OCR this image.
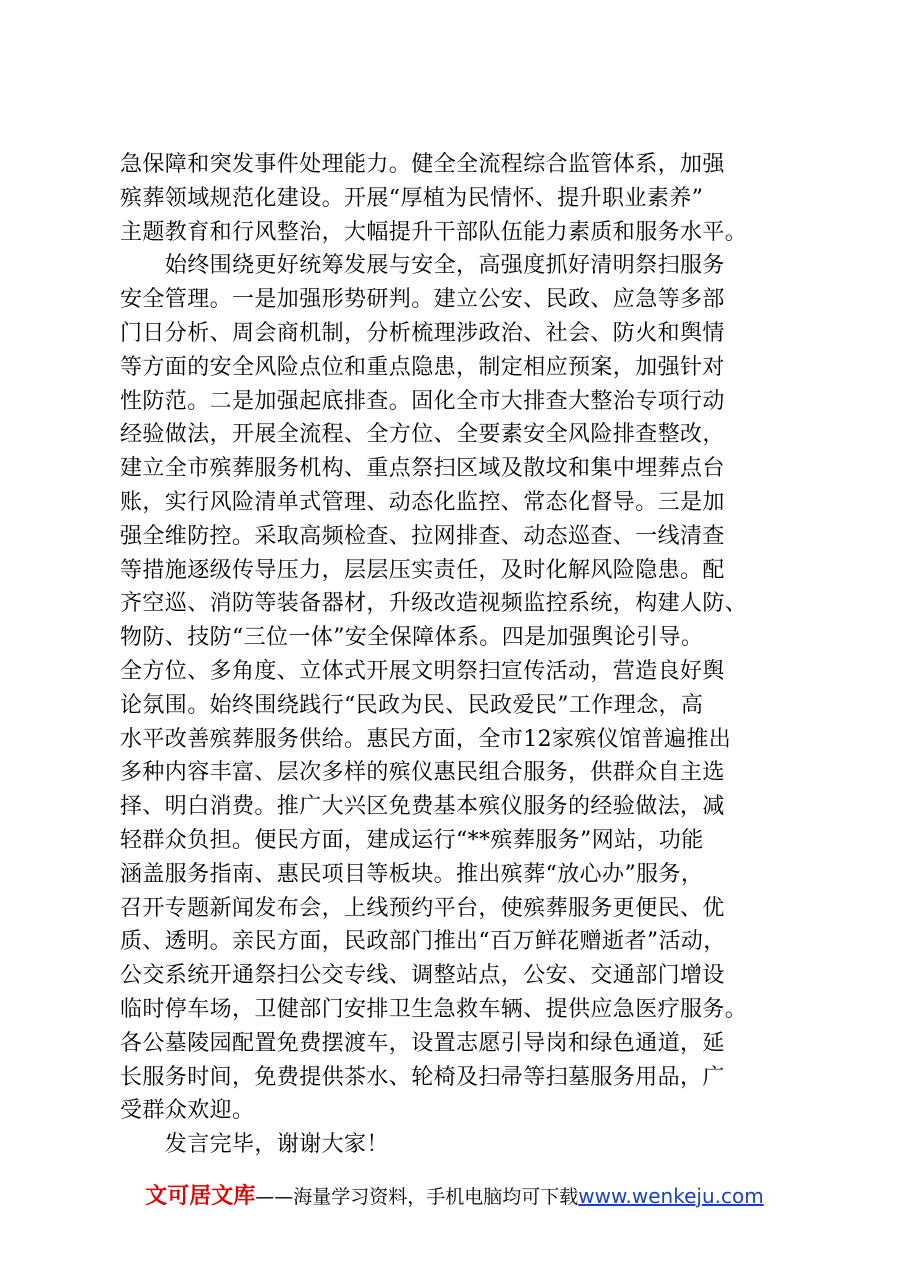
急保障和突发事件处理能力。健全全流程综合监管体系，加强
殡葬领域规范化建设。开展“厚植为民情怀、提升职业素养”
主题教育和行风整治，大幅提升干部队伍能力素质和服务水平。
　　始终围绕更好统筹发展与安全，高强度抓好清明祭扫服务
安全管理。一是加强形势研判。建立公安、民政、应急等多部
门日分析、周会商机制，分析梳理涉政治、社会、防火和舆情
等方面的安全风险点位和重点隐患，制定相应预案，加强针对
性防范。二是加强起底排查。固化全市大排查大整治专项行动
经验做法，开展全流程、全方位、全要素安全风险排查整改，
建立全市殡葬服务机构、重点祭扫区域及散坟和集中埋葬点台
账，实行风险清单式管理、动态化监控、常态化督导。三是加
强全维防控。采取高频检查、拉网排查、动态巡查、一线清查
等措施逐级传导压力，层层压实责任，及时化解风险隐患。配
齐空巡、消防等装备器材，升级改造视频监控系统，构建人防、
物防、技防“三位一体”安全保障体系。四是加强舆论引导。
全方位、多角度、立体式开展文明祭扫宣传活动，营造良好舆
论氛围。始终围绕践行“民政为民、民政爱民”工作理念，高
水平改善殡葬服务供给。惠民方面，全市12家殡仪馆普遍推出
多种内容丰富、层次多样的殡仪惠民组合服务，供群众自主选
择、明白消费。推广大兴区免费基本殡仪服务的经验做法，减
轻群众负担。便民方面，建成运行“**殡葬服务”网站，功能
涵盖服务指南、惠民项目等板块。推出殡葬“放心办”服务，
召开专题新闻发布会，上线预约平台，使殡葬服务更便民、优
质、透明。亲民方面，民政部门推出“百万鲜花赠逝者”活动，
公交系统开通祭扫公交专线、调整站点，公安、交通部门增设
临时停车场，卫健部门安排卫生急救车辆、提供应急医疗服务。
各公墓陵园配置免费摆渡车，设置志愿引导岗和绿色通道，延
长服务时间，免费提供茶水、轮椅及扫帚等扫墓服务用品，广
受群众欢迎。
　　发言完毕，谢谢大家！
文可居文库——海量学习资料，手机电脑均可下载www.wenkeju.com
